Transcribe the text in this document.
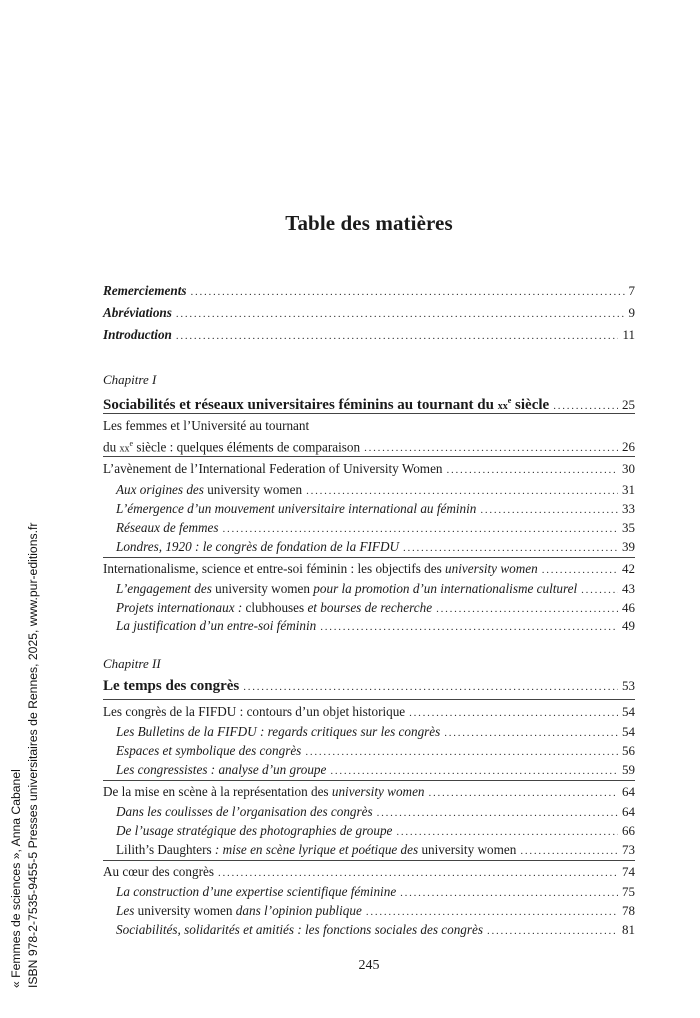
« Femmes de sciences », Anna Cabanel ISBN 978-2-7535-9455-5 Presses universitaires de Rennes, 2025, www.pur-editions.fr
Table des matières
Remerciements . . .	7
Abréviations . . .	9
Introduction . . .	11
Chapitre I
Sociabilités et réseaux universitaires féminins au tournant du $xx^e$ siècle . . .	25
Les femmes et l’Université au tournant
du $xx^e$ siècle : quelques éléments de comparaison . . .	26
L’avènement de l’International Federation of University Women . . .	30
Aux origines des university women . . .	31
L’émergence d’un mouvement universitaire international au féminin . . .	33
Réseaux de femmes . . .	35
Londres, 1920 : le congrès de fondation de la FIFDU . . .	39
Internationalisme, science et entre-soi féminin : les objectifs des university women . . .	42
L’engagement des university women pour la promotion d’un internationalisme culturel . . .	43
Projets internationaux : clubhouses et bourses de recherche . . .	46
La justification d’un entre-soi féminin . . .	49
Chapitre II
Le temps des congrès . . .	53
Les congrès de la FIFDU : contours d’un objet historique . . .	54
Les Bulletins de la FIFDU : regards critiques sur les congrès . . .	54
Espaces et symbolique des congrès . . .	56
Les congressistes : analyse d’un groupe . . .	59
De la mise en scène à la représentation des university women . . .	64
Dans les coulisses de l’organisation des congrès . . .	64
De l’usage stratégique des photographies de groupe . . .	66
Lilith’s Daughters : mise en scène lyrique et poétique des university women . . .	73
Au cœur des congrès . . .	74
La construction d’une expertise scientifique féminine . . .	75
Les university women dans l’opinion publique . . .	78
Sociabilités, solidarités et amitiés : les fonctions sociales des congrès . . .	81
245
